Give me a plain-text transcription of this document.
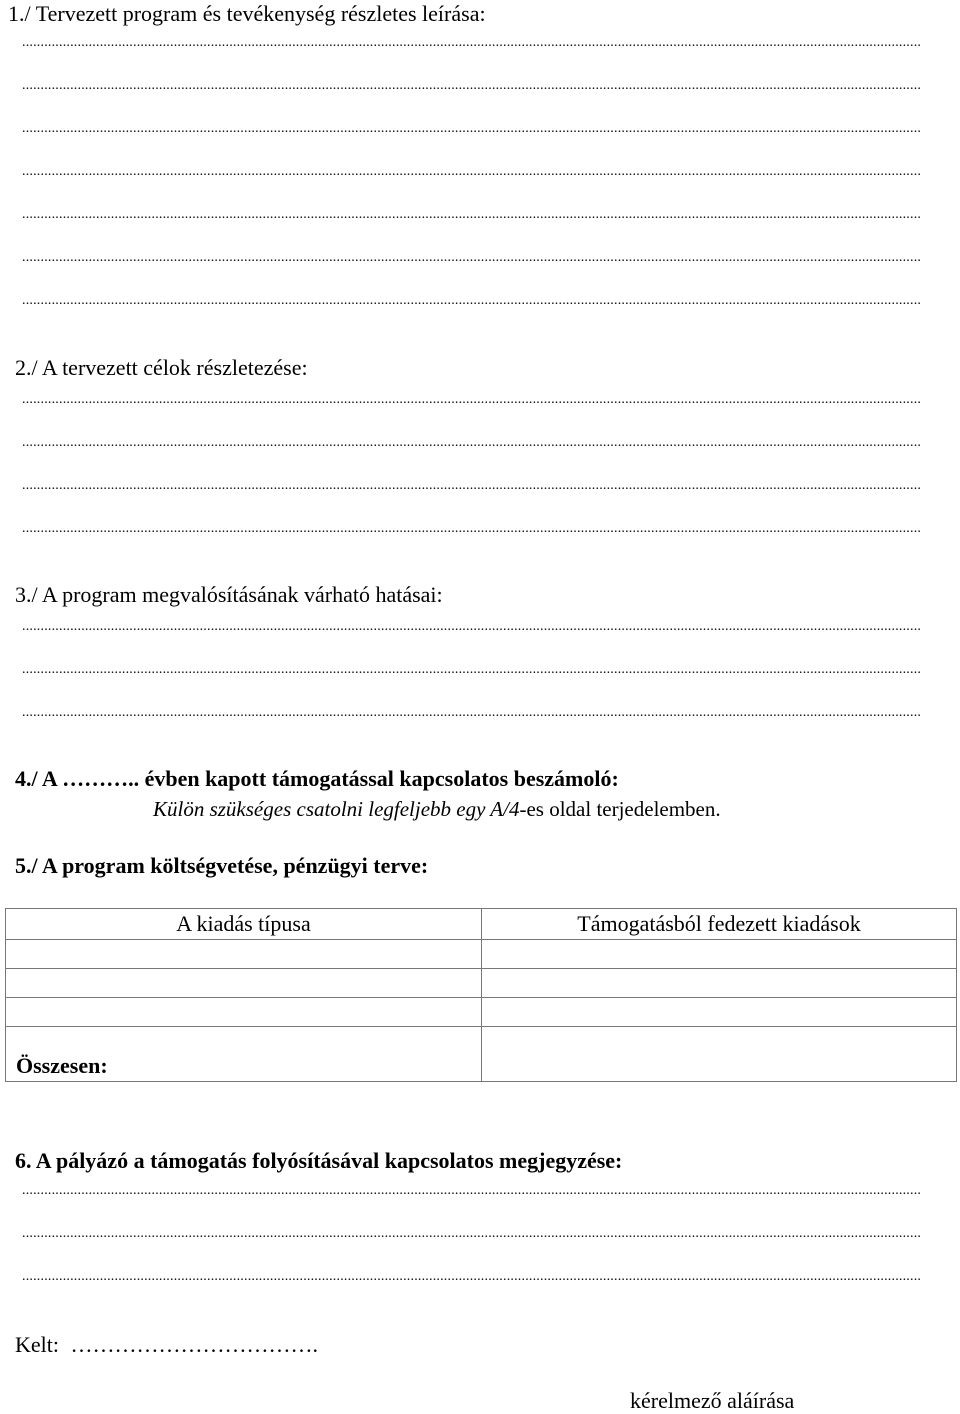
1./ Tervezett program és tevékenység részletes leírása:
.....
.....
.....
.....
.....
.....
.....
2./ A tervezett célok részletezése:
.....
.....
.....
.....
3./ A program megvalósításának várható hatásai:
.....
.....
.....
4./ A ……….. évben kapott támogatással kapcsolatos beszámoló:
Külön szükséges csatolni legfeljebb egy A/4-es oldal terjedelemben.
5./ A program költségvetése, pénzügyi terve:
A kiadás típusa	Támogatásból fedezett kiadások

Összesen:	
6. A pályázó a támogatás folyósításával kapcsolatos megjegyzése:
.....
.....
.....
Kelt: …………………………….
kérelmező aláírása
